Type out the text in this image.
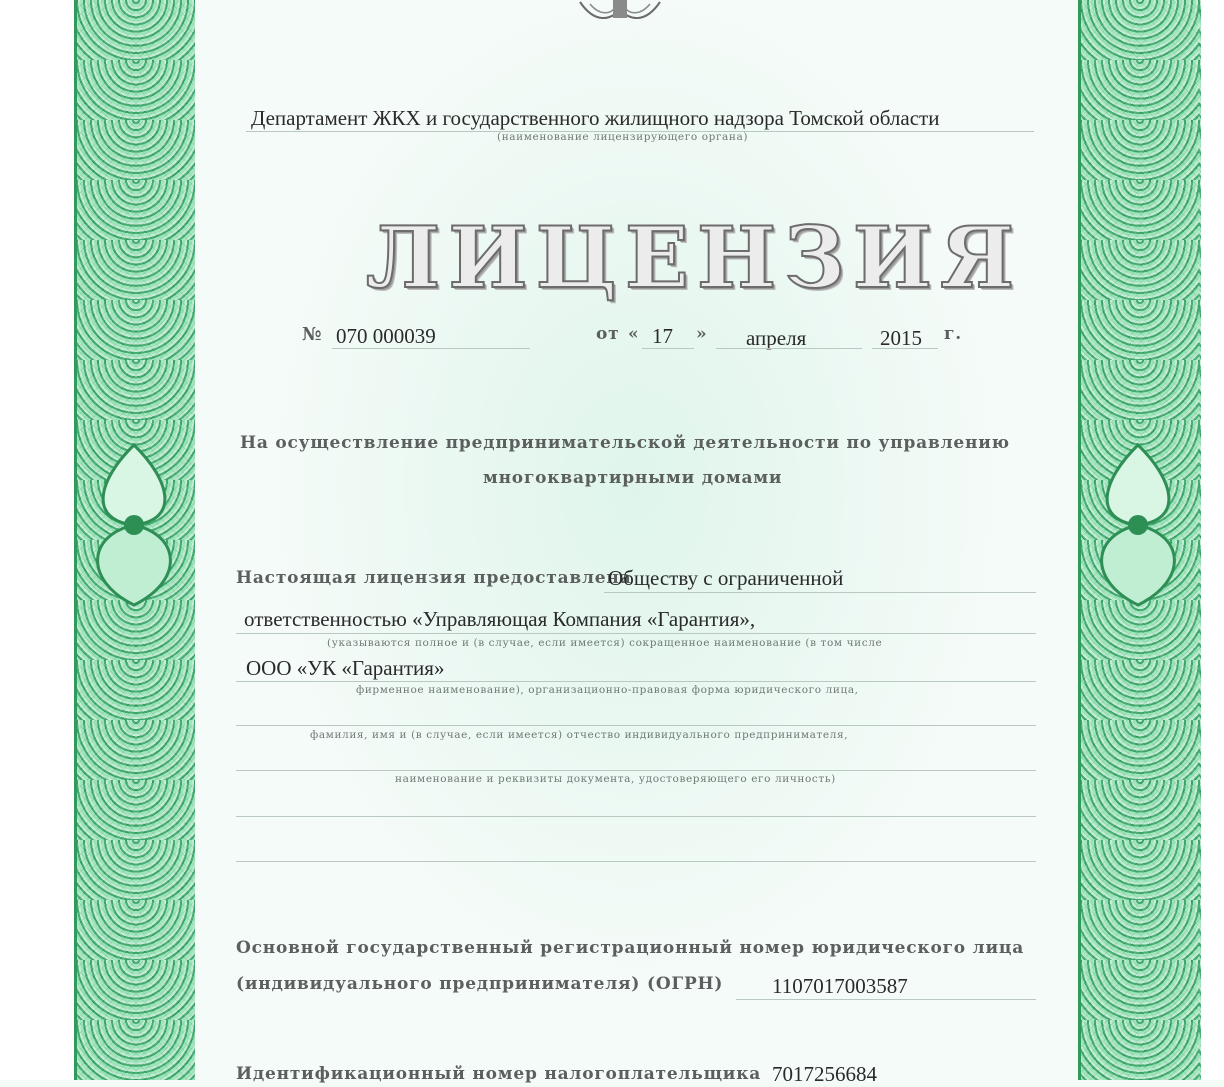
Департамент ЖКХ и государственного жилищного надзора Томской области
(наименование лицензирующего органа)
ЛИЦЕНЗИЯ
№ 070 000039	от « 17 » апреля	2015 г.
На осуществление предпринимательской деятельности по управлению
многоквартирными домами
Настоящая лицензия предоставлена
Обществу с ограниченной
ответственностью «Управляющая Компания «Гарантия»,
(указываются полное и (в случае, если имеется) сокращенное наименование (в том числе
ООО «УК «Гарантия»
фирменное наименование), организационно-правовая форма юридического лица,
фамилия, имя и (в случае, если имеется) отчество индивидуального предпринимателя,
наименование и реквизиты документа, удостоверяющего его личность)
Основной государственный регистрационный номер юридического лица
(индивидуального предпринимателя) (ОГРН) 1107017003587
Идентификационный номер налогоплательщика 7017256684
